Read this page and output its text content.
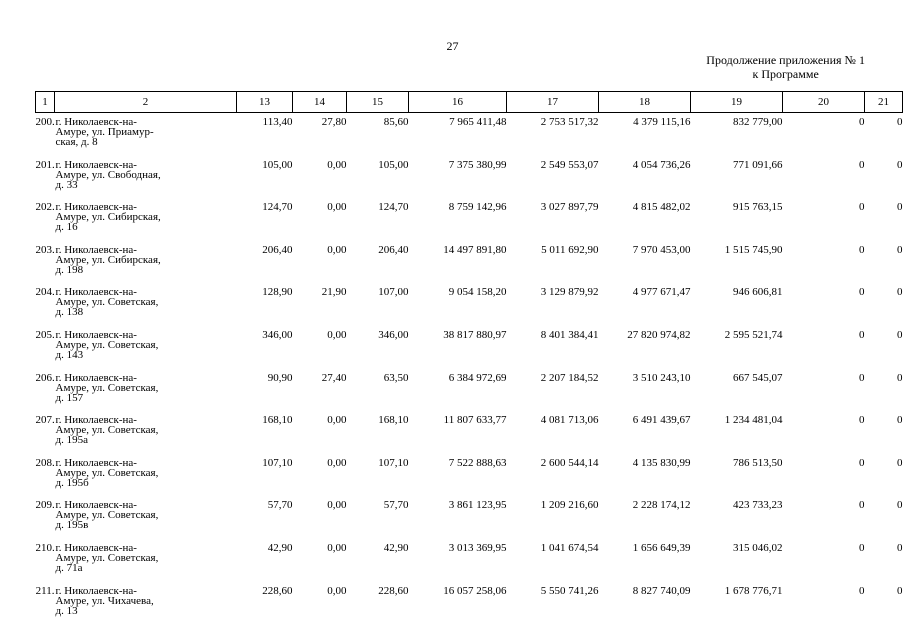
27
Продолжение приложения № 1
к Программе
1	2	13	14	15	16	17	18	19	20	21
200.	г. Николаевск-на-
Амуре, ул. Приамур-
ская, д. 8	113,40	27,80	85,60	7 965 411,48	2 753 517,32	4 379 115,16	832 779,00	0	0
201.	г. Николаевск-на-
Амуре, ул. Свободная,
д. 33	105,00	0,00	105,00	7 375 380,99	2 549 553,07	4 054 736,26	771 091,66	0	0
202.	г. Николаевск-на-
Амуре, ул. Сибирская,
д. 16	124,70	0,00	124,70	8 759 142,96	3 027 897,79	4 815 482,02	915 763,15	0	0
203.	г. Николаевск-на-
Амуре, ул. Сибирская,
д. 198	206,40	0,00	206,40	14 497 891,80	5 011 692,90	7 970 453,00	1 515 745,90	0	0
204.	г. Николаевск-на-
Амуре, ул. Советская,
д. 138	128,90	21,90	107,00	9 054 158,20	3 129 879,92	4 977 671,47	946 606,81	0	0
205.	г. Николаевск-на-
Амуре, ул. Советская,
д. 143	346,00	0,00	346,00	38 817 880,97	8 401 384,41	27 820 974,82	2 595 521,74	0	0
206.	г. Николаевск-на-
Амуре, ул. Советская,
д. 157	90,90	27,40	63,50	6 384 972,69	2 207 184,52	3 510 243,10	667 545,07	0	0
207.	г. Николаевск-на-
Амуре, ул. Советская,
д. 195а	168,10	0,00	168,10	11 807 633,77	4 081 713,06	6 491 439,67	1 234 481,04	0	0
208.	г. Николаевск-на-
Амуре, ул. Советская,
д. 195б	107,10	0,00	107,10	7 522 888,63	2 600 544,14	4 135 830,99	786 513,50	0	0
209.	г. Николаевск-на-
Амуре, ул. Советская,
д. 195в	57,70	0,00	57,70	3 861 123,95	1 209 216,60	2 228 174,12	423 733,23	0	0
210.	г. Николаевск-на-
Амуре, ул. Советская,
д. 71а	42,90	0,00	42,90	3 013 369,95	1 041 674,54	1 656 649,39	315 046,02	0	0
211.	г. Николаевск-на-
Амуре, ул. Чихачева,
д. 13	228,60	0,00	228,60	16 057 258,06	5 550 741,26	8 827 740,09	1 678 776,71	0	0
